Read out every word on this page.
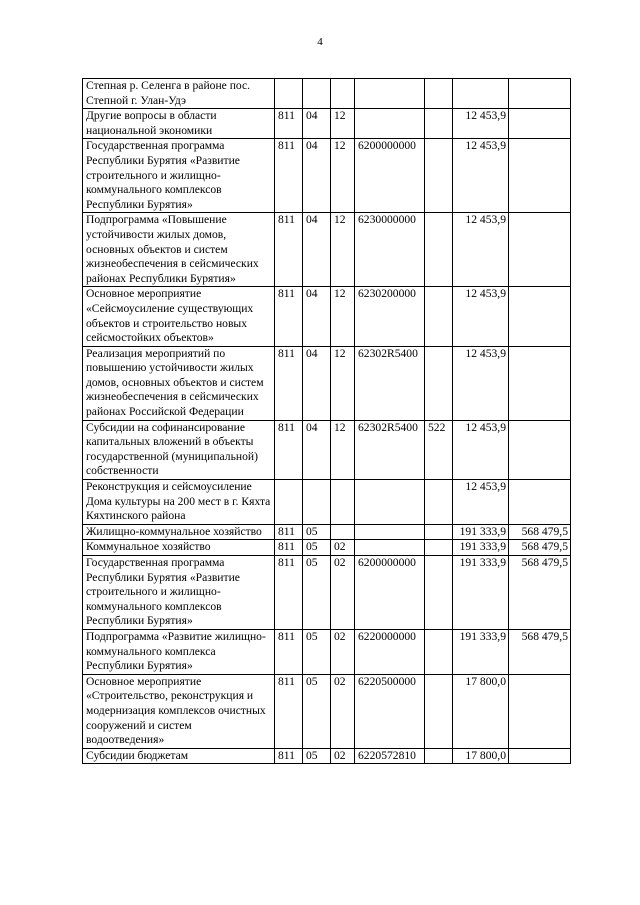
4
Степная р. Селенга в районе пос. Степной г. Улан-Удэ							
Другие вопросы в области национальной экономики	811	04	12			12 453,9	
Государственная программа Республики Бурятия «Развитие строительного и жилищно-коммунального комплексов Республики Бурятия»	811	04	12	6200000000		12 453,9	
Подпрограмма «Повышение устойчивости жилых домов, основных объектов и систем жизнеобеспечения в сейсмических районах Республики Бурятия»	811	04	12	6230000000		12 453,9	
Основное мероприятие «Сейсмоусиление существующих объектов и строительство новых сейсмостойких объектов»	811	04	12	6230200000		12 453,9	
Реализация мероприятий по повышению устойчивости жилых домов, основных объектов и систем жизнеобеспечения в сейсмических районах Российской Федерации	811	04	12	62302R5400		12 453,9	
Субсидии на софинансирование капитальных вложений в объекты государственной (муниципальной) собственности	811	04	12	62302R5400	522	12 453,9	
Реконструкция и сейсмоусиление Дома культуры на 200 мест в г. Кяхта Кяхтинского района						12 453,9	
Жилищно-коммунальное хозяйство	811	05				191 333,9	568 479,5
Коммунальное хозяйство	811	05	02			191 333,9	568 479,5
Государственная программа Республики Бурятия «Развитие строительного и жилищно-коммунального комплексов Республики Бурятия»	811	05	02	6200000000		191 333,9	568 479,5
Подпрограмма «Развитие жилищно-коммунального комплекса Республики Бурятия»	811	05	02	6220000000		191 333,9	568 479,5
Основное мероприятие «Строительство, реконструкция и модернизация комплексов очистных сооружений и систем водоотведения»	811	05	02	6220500000		17 800,0	
Субсидии бюджетам	811	05	02	6220572810		17 800,0	
